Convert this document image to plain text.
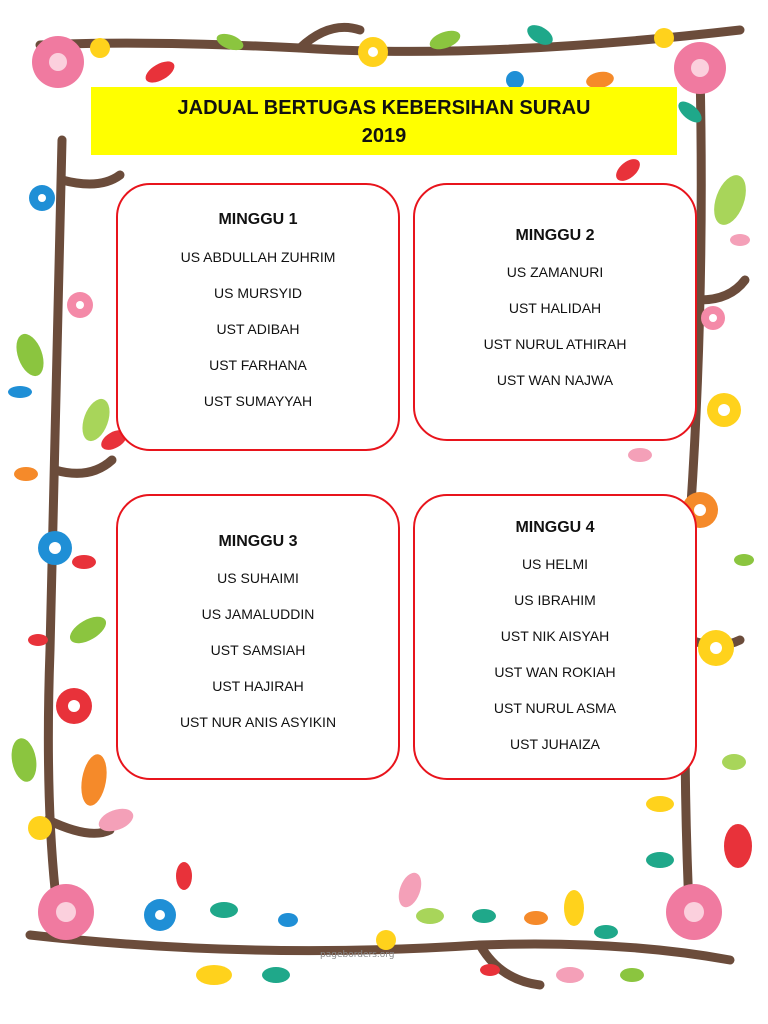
JADUAL BERTUGAS KEBERSIHAN SURAU
2019
MINGGU 1
US ABDULLAH ZUHRIM
US MURSYID
UST ADIBAH
UST FARHANA
UST SUMAYYAH
MINGGU 2
US ZAMANURI
UST HALIDAH
UST NURUL ATHIRAH
UST WAN NAJWA
MINGGU 3
US SUHAIMI
US JAMALUDDIN
UST SAMSIAH
UST HAJIRAH
UST NUR ANIS ASYIKIN
MINGGU 4
US HELMI
US IBRAHIM
UST NIK AISYAH
UST WAN ROKIAH
UST NURUL ASMA
UST JUHAIZA
pageborders.org
